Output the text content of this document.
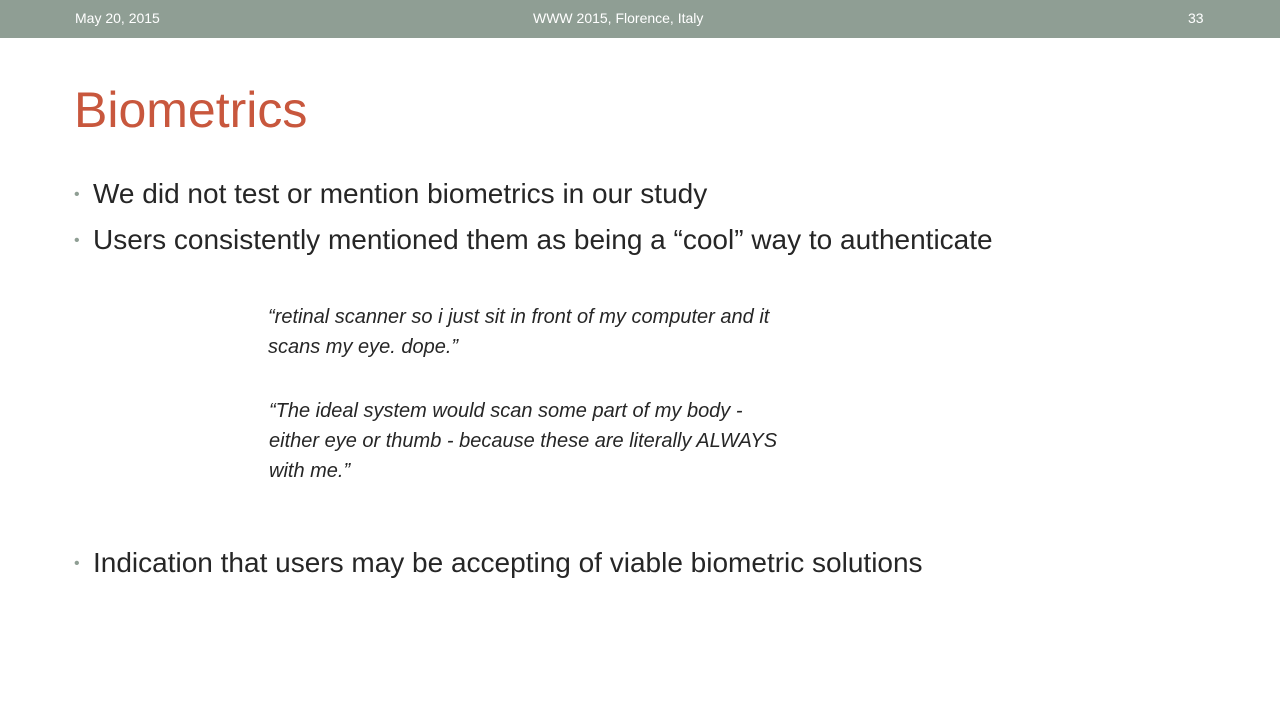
May 20, 2015	WWW 2015, Florence, Italy	33
Biometrics
• We did not test or mention biometrics in our study
• Users consistently mentioned them as being a “cool” way to authenticate
“retinal scanner so i just sit in front of my computer and it scans my eye. dope.”
“The ideal system would scan some part of my body - either eye or thumb - because these are literally ALWAYS with me.”
• Indication that users may be accepting of viable biometric solutions
